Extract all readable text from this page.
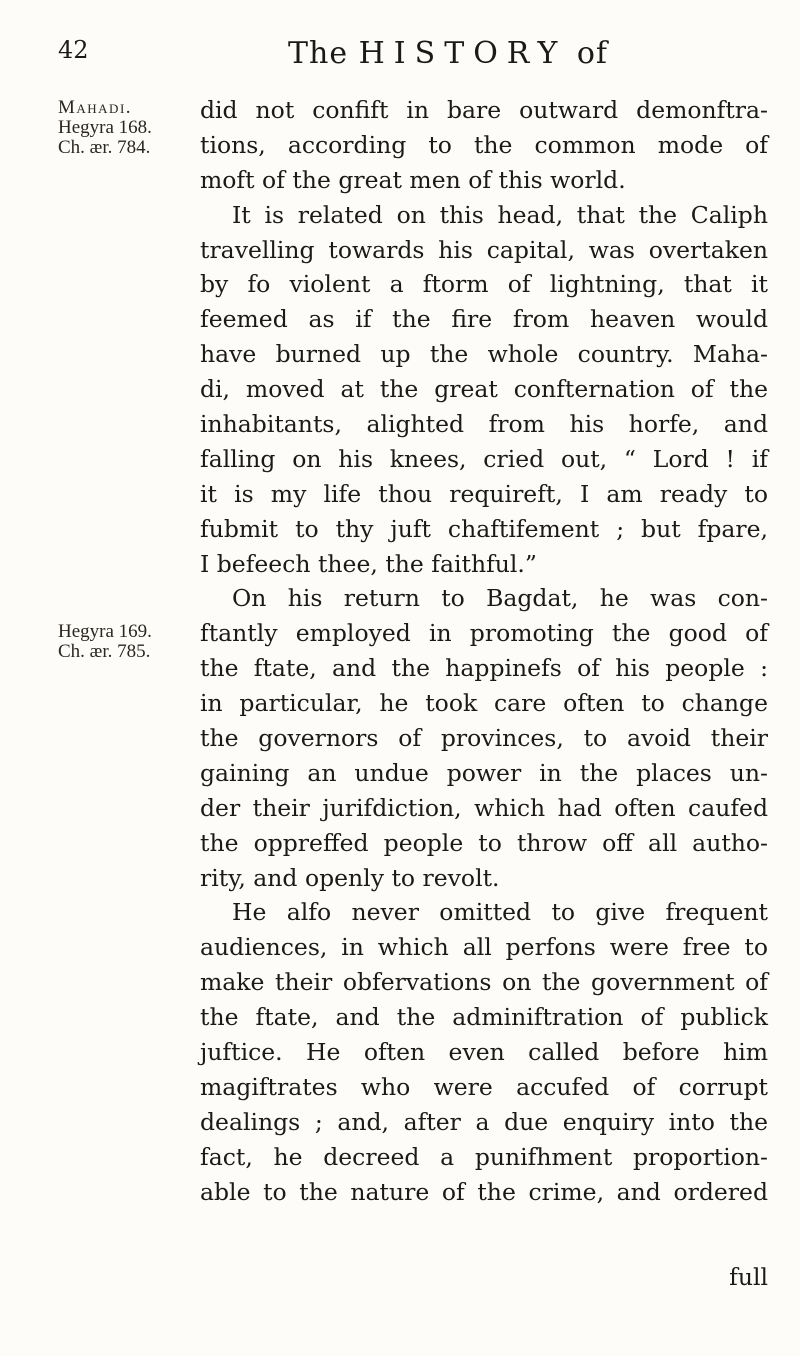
42	The HISTORY of
Mahadi.
Hegyra 168.
Ch. ær. 784.
Hegyra 169.
Ch. ær. 785.
did not confift in bare outward demonftra-
tions, according to the common mode of
moft of the great men of this world.
It is related on this head, that the Caliph
travelling towards his capital, was overtaken
by fo violent a ftorm of lightning, that it
feemed as if the fire from heaven would
have burned up the whole country. Maha-
di, moved at the great confternation of the
inhabitants, alighted from his horfe, and
falling on his knees, cried out, “ Lord ! if
it is my life thou requireft, I am ready to
fubmit to thy juft chaftifement ; but fpare,
I befeech thee, the faithful.”
On his return to Bagdat, he was con-
ftantly employed in promoting the good of
the ftate, and the happinefs of his people :
in particular, he took care often to change
the governors of provinces, to avoid their
gaining an undue power in the places un-
der their jurifdiction, which had often caufed
the oppreffed people to throw off all autho-
rity, and openly to revolt.
He alfo never omitted to give frequent
audiences, in which all perfons were free to
make their obfervations on the government of
the ftate, and the adminiftration of publick
juftice. He often even called before him
magiftrates who were accufed of corrupt
dealings ; and, after a due enquiry into the
fact, he decreed a punifhment proportion-
able to the nature of the crime, and ordered
full
